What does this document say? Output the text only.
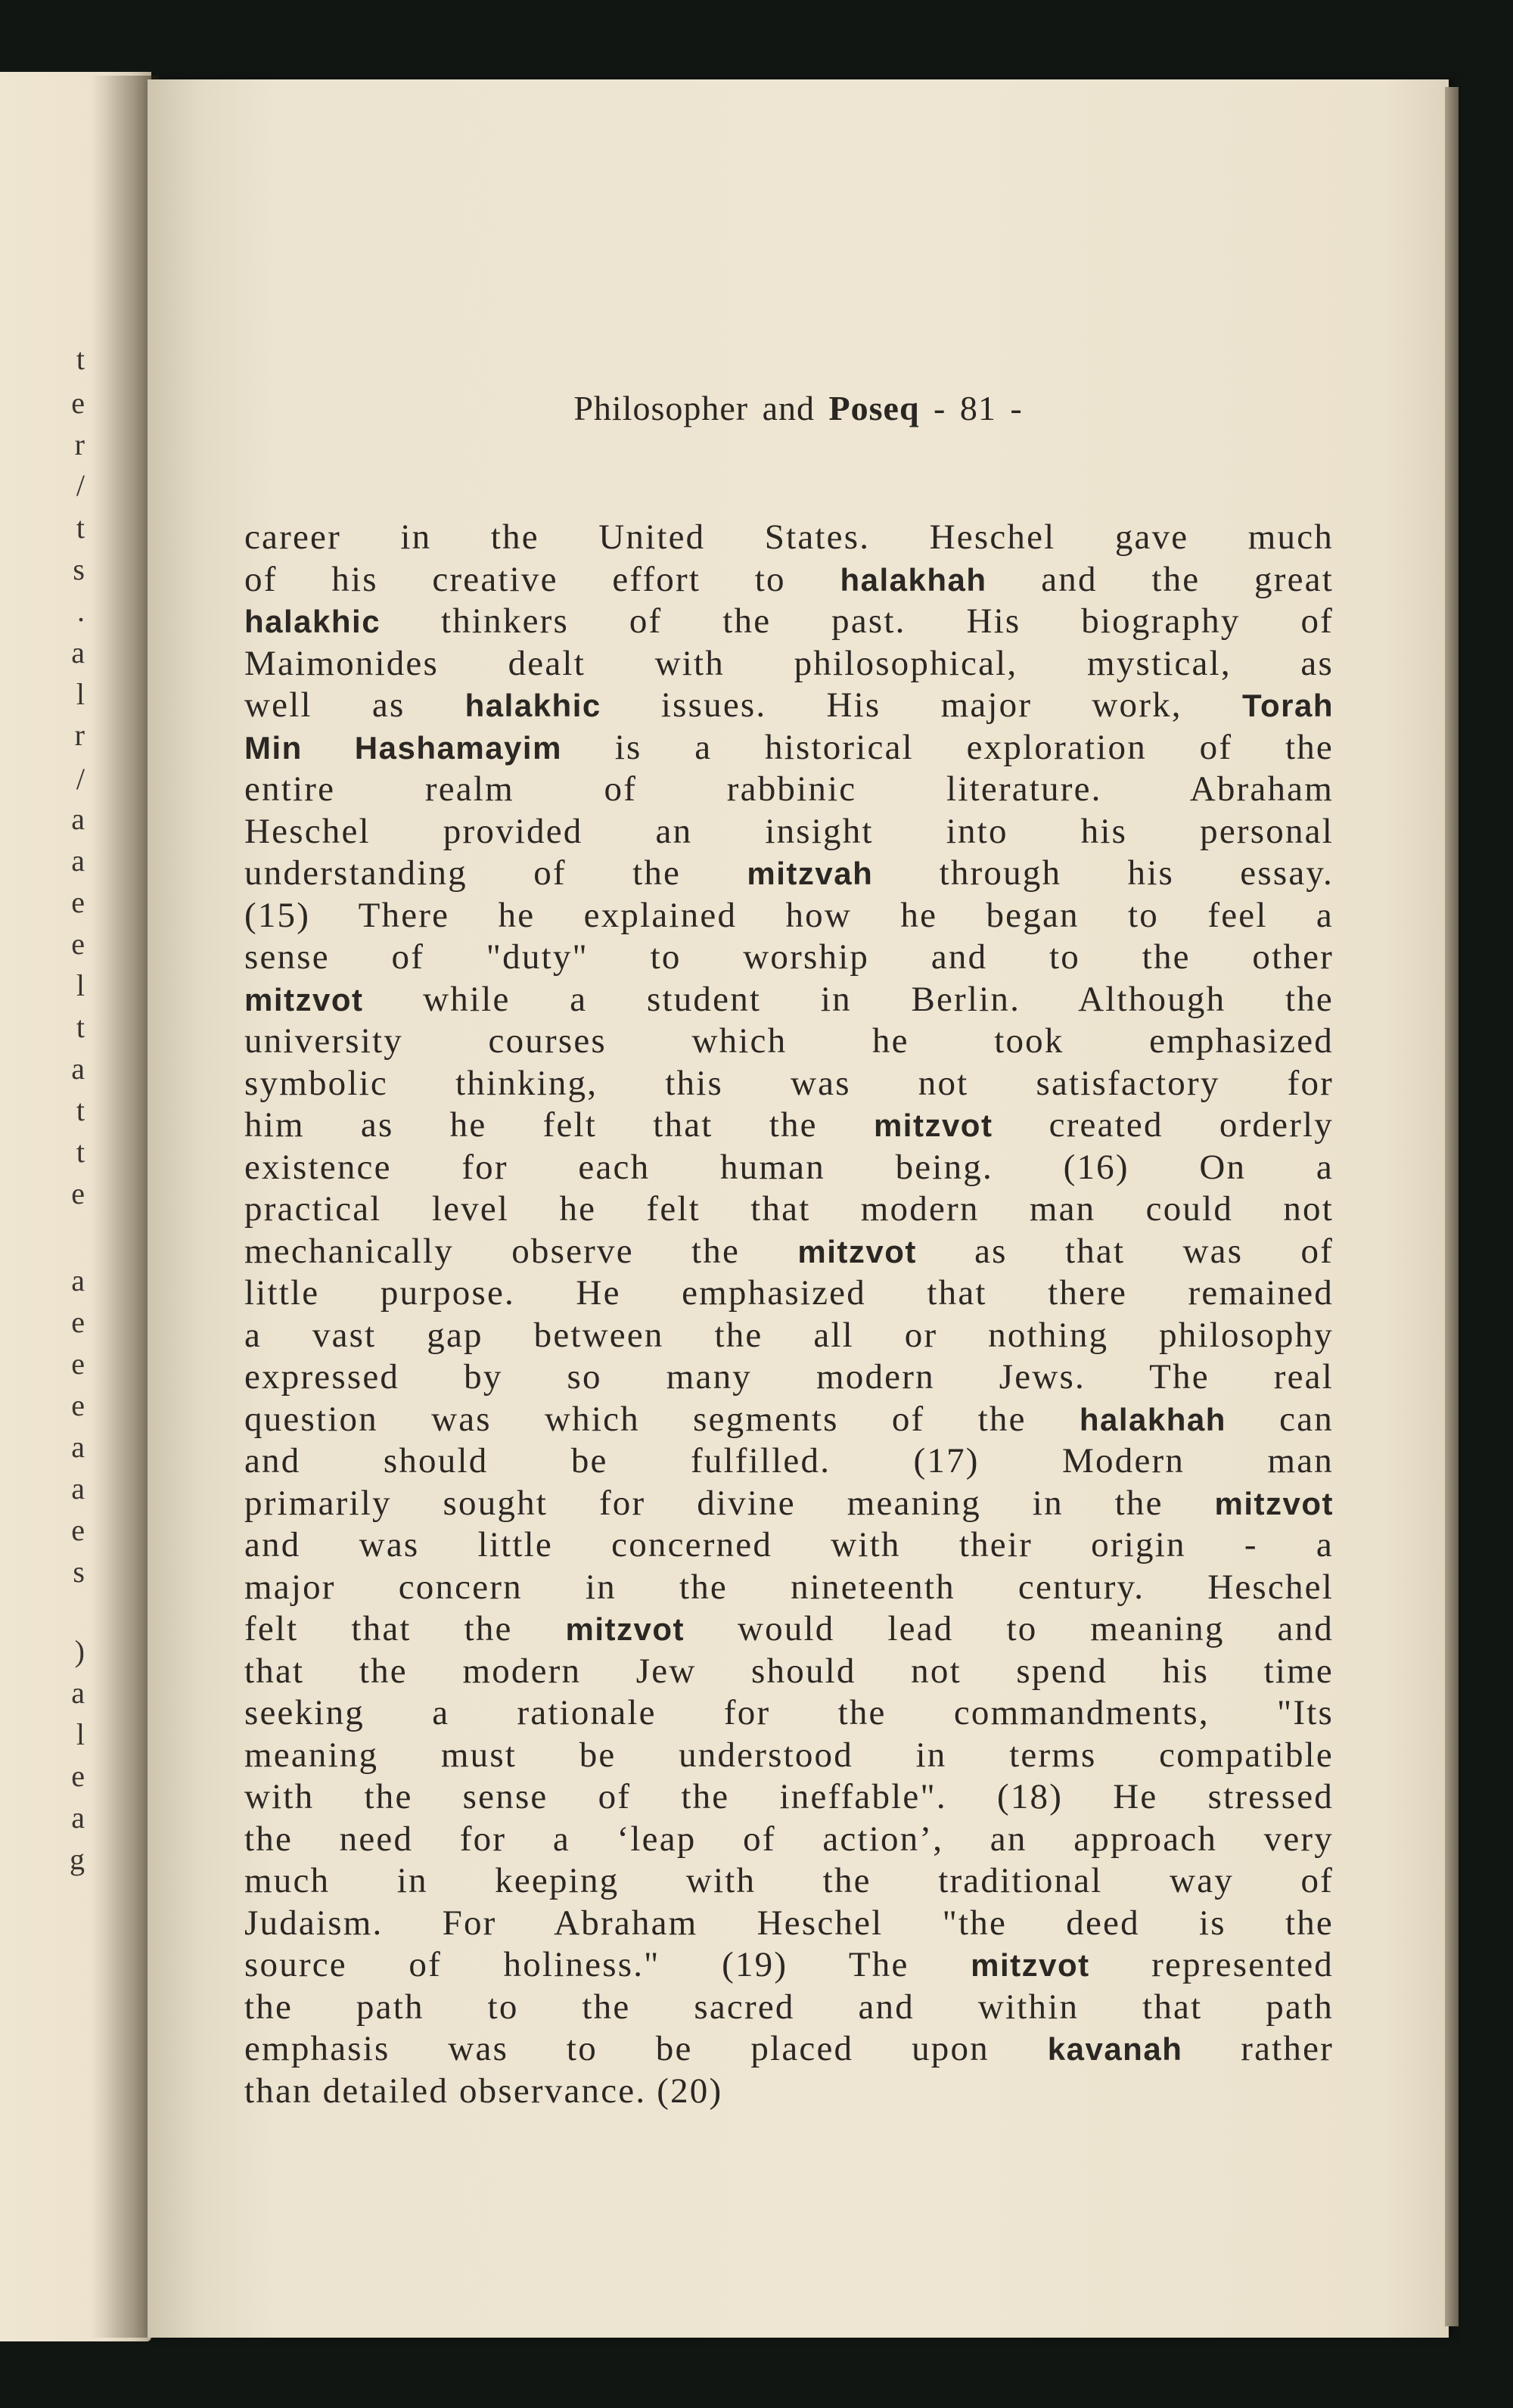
t
e
r
/
t
s
.
a
l
r
/
a
a
e
e
l
t
a
t
t
e
a
e
e
e
a
a
e
s
)
a
l
e
a
g
Philosopher and Poseq - 81 -
career in the United States. Heschel gave much
of his creative effort to halakhah and the great
halakhic thinkers of the past. His biography of
Maimonides dealt with philosophical, mystical, as
well as halakhic issues. His major work, Torah
Min Hashamayim is a historical exploration of the
entire realm of rabbinic literature. Abraham
Heschel provided an insight into his personal
understanding of the mitzvah through his essay.
(15) There he explained how he began to feel a
sense of "duty" to worship and to the other
mitzvot while a student in Berlin. Although the
university courses which he took emphasized
symbolic thinking, this was not satisfactory for
him as he felt that the mitzvot created orderly
existence for each human being. (16) On a
practical level he felt that modern man could not
mechanically observe the mitzvot as that was of
little purpose. He emphasized that there remained
a vast gap between the all or nothing philosophy
expressed by so many modern Jews. The real
question was which segments of the halakhah can
and should be fulfilled. (17) Modern man
primarily sought for divine meaning in the mitzvot
and was little concerned with their origin - a
major concern in the nineteenth century. Heschel
felt that the mitzvot would lead to meaning and
that the modern Jew should not spend his time
seeking a rationale for the commandments, "Its
meaning must be understood in terms compatible
with the sense of the ineffable". (18) He stressed
the need for a ‘leap of action’, an approach very
much in keeping with the traditional way of
Judaism. For Abraham Heschel "the deed is the
source of holiness." (19) The mitzvot represented
the path to the sacred and within that path
emphasis was to be placed upon kavanah rather
than detailed observance. (20)
